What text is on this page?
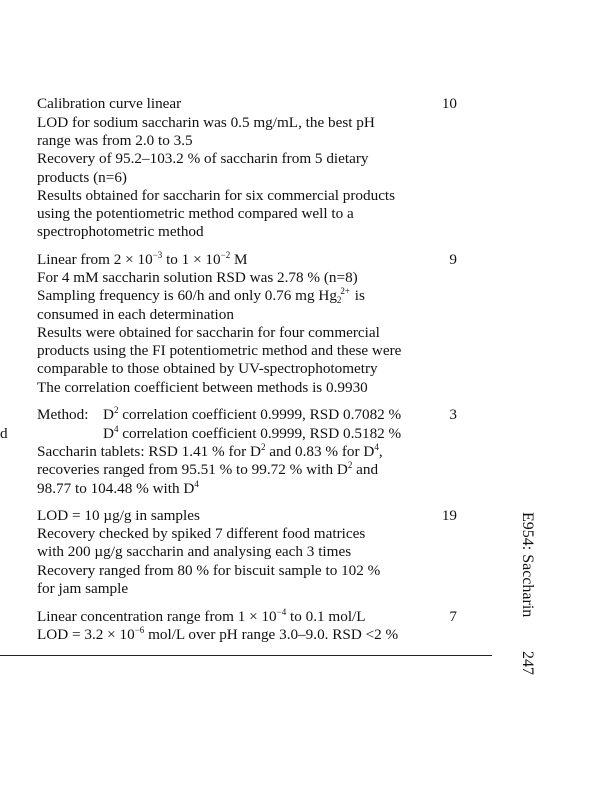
Calibration curve linear	10
LOD for sodium saccharin was 0.5 mg/mL, the best pH
range was from 2.0 to 3.5
Recovery of 95.2–103.2 % of saccharin from 5 dietary
products (n=6)
Results obtained for saccharin for six commercial products
using the potentiometric method compared well to a
spectrophotometric method
Linear from $2 \times 10^{-3}$ to $1 \times 10^{-2}$ M	9
For 4 mM saccharin solution RSD was 2.78 % (n=8)
Sampling frequency is 60/h and only 0.76 mg $Hg_2^{2+}$ is
consumed in each determination
Results were obtained for saccharin for four commercial
products using the FI potentiometric method and these were
comparable to those obtained by UV-spectrophotometry
The correlation coefficient between methods is 0.9930
Method: $D^2$ correlation coefficient 0.9999, RSD 0.7082 %	3
d	$D^4$ correlation coefficient 0.9999, RSD 0.5182 %
Saccharin tablets: RSD 1.41 % for $D^2$ and 0.83 % for $D^4$,
recoveries ranged from 95.51 % to 99.72 % with $D^2$ and
98.77 to 104.48 % with $D^4$
LOD = 10 µg/g in samples	19
Recovery checked by spiked 7 different food matrices
with 200 µg/g saccharin and analysing each 3 times
Recovery ranged from 80 % for biscuit sample to 102 %
for jam sample
Linear concentration range from $1 \times 10^{-4}$ to 0.1 mol/L	7
LOD = $3.2 \times 10^{-6}$ mol/L over pH range 3.0–9.0. RSD <2 %
E954: Saccharin 247
